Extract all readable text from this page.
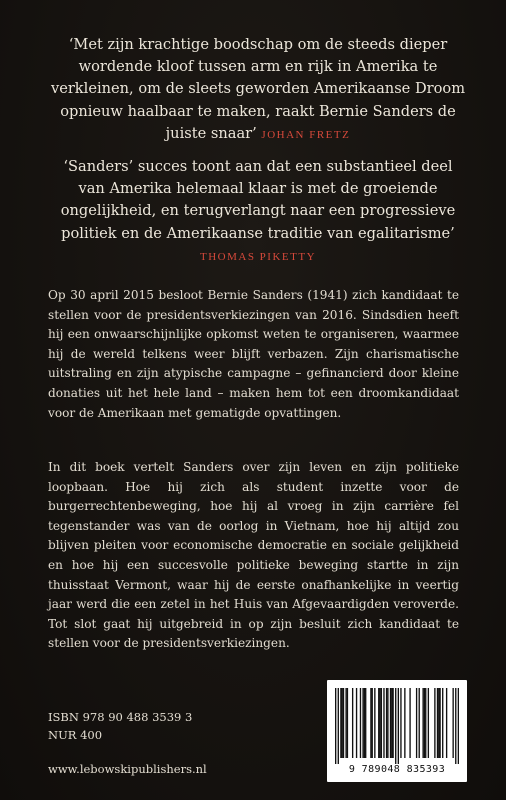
‘Met zijn krachtige boodschap om de steeds dieper wordende kloof tussen arm en rijk in Amerika te verkleinen, om de sleets geworden Amerikaanse Droom opnieuw haalbaar te maken, raakt Bernie Sanders de juiste snaar’ JOHAN FRETZ

‘Sanders’ succes toont aan dat een substantieel deel van Amerika helemaal klaar is met de groeiende ongelijkheid, en terugverlangt naar een progressieve politiek en de Amerikaanse traditie van egalitarisme’ THOMAS PIKETTY

Op 30 april 2015 besloot Bernie Sanders (1941) zich kandidaat te stellen voor de presidentsverkiezingen van 2016. Sindsdien heeft hij een onwaarschijnlijke opkomst weten te organiseren, waarmee hij de wereld telkens weer blijft verbazen. Zijn charismatische uitstraling en zijn atypische campagne – gefinancierd door kleine donaties uit het hele land – maken hem tot een droomkandidaat voor de Amerikaan met gematigde opvattingen.

In dit boek vertelt Sanders over zijn leven en zijn politieke loopbaan. Hoe hij zich als student inzette voor de burgerrechtenbeweging, hoe hij al vroeg in zijn carrière fel tegenstander was van de oorlog in Vietnam, hoe hij altijd zou blijven pleiten voor economische democratie en sociale gelijkheid en hoe hij een succesvolle politieke beweging startte in zijn thuisstaat Vermont, waar hij de eerste onafhankelijke in veertig jaar werd die een zetel in het Huis van Afgevaardigden veroverde. Tot slot gaat hij uitgebreid in op zijn besluit zich kandidaat te stellen voor de presidentsverkiezingen.

ISBN 978 90 488 3539 3
NUR 400
www.lebowskipublishers.nl	9 789048 835393
